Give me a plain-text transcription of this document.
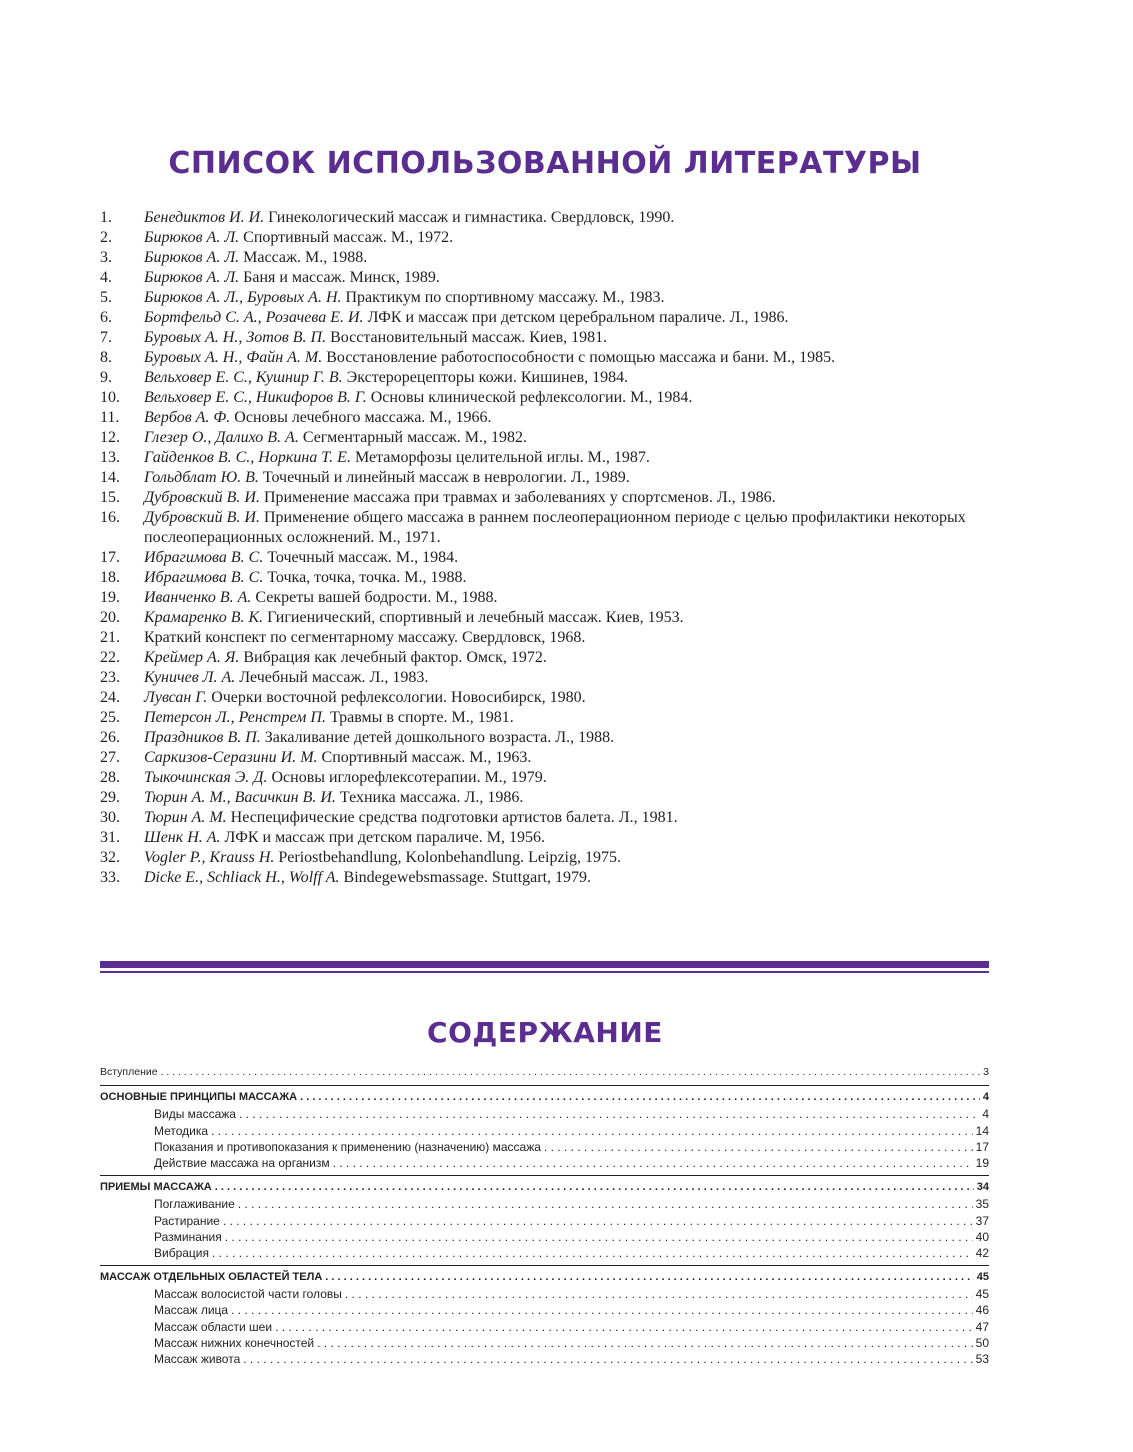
СПИСОК ИСПОЛЬЗОВАННОЙ ЛИТЕРАТУРЫ
1.	Бенедиктов И. И. Гинекологический массаж и гимнастика. Свердловск, 1990.
2.	Бирюков А. Л. Спортивный массаж. М., 1972.
3.	Бирюков А. Л. Массаж. М., 1988.
4.	Бирюков А. Л. Баня и массаж. Минск, 1989.
5.	Бирюков А. Л., Буровых А. Н. Практикум по спортивному массажу. М., 1983.
6.	Бортфельд С. А., Розачева Е. И. ЛФК и массаж при детском церебральном параличе. Л., 1986.
7.	Буровых А. Н., Зотов В. П. Восстановительный массаж. Киев, 1981.
8.	Буровых А. Н., Файн А. М. Восстановление работоспособности с помощью массажа и бани. М., 1985.
9.	Вельховер Е. С., Кушнир Г. В. Экстерорецепторы кожи. Кишинев, 1984.
10.	Вельховер Е. С., Никифоров В. Г. Основы клинической рефлексологии. М., 1984.
11.	Вербов А. Ф. Основы лечебного массажа. М., 1966.
12.	Глезер О., Далихо В. А. Сегментарный массаж. М., 1982.
13.	Гайденков В. С., Норкина Т. Е. Метаморфозы целительной иглы. М., 1987.
14.	Гольдблат Ю. В. Точечный и линейный массаж в неврологии. Л., 1989.
15.	Дубровский В. И. Применение массажа при травмах и заболеваниях у спортсменов. Л., 1986.
16.	Дубровский В. И. Применение общего массажа в раннем послеоперационном периоде с целью профилактики некоторых послеоперационных осложнений. М., 1971.
17.	Ибрагимова В. С. Точечный массаж. М., 1984.
18.	Ибрагимова В. С. Точка, точка, точка. М., 1988.
19.	Иванченко В. А. Секреты вашей бодрости. М., 1988.
20.	Крамаренко В. К. Гигиенический, спортивный и лечебный массаж. Киев, 1953.
21.	Краткий конспект по сегментарному массажу. Свердловск, 1968.
22.	Креймер А. Я. Вибрация как лечебный фактор. Омск, 1972.
23.	Куничев Л. А. Лечебный массаж. Л., 1983.
24.	Лувсан Г. Очерки восточной рефлексологии. Новосибирск, 1980.
25.	Петерсон Л., Ренстрем П. Травмы в спорте. М., 1981.
26.	Праздников В. П. Закаливание детей дошкольного возраста. Л., 1988.
27.	Саркизов-Серазини И. М. Спортивный массаж. М., 1963.
28.	Тыкочинская Э. Д. Основы иглорефлексотерапии. М., 1979.
29.	Тюрин А. М., Васичкин В. И. Техника массажа. Л., 1986.
30.	Тюрин А. М. Неспецифические средства подготовки артистов балета. Л., 1981.
31.	Шенк Н. А. ЛФК и массаж при детском параличе. М, 1956.
32.	Vogler P., Krauss H. Periostbehandlung, Kolonbehandlung. Leipzig, 1975.
33.	Dicke E., Schliack H., Wolff A. Bindegewebsmassage. Stuttgart, 1979.
СОДЕРЖАНИЕ
Вступление . . .	3
ОСНОВНЫЕ ПРИНЦИПЫ МАССАЖА . . .	4
Виды массажа . . .	4
Методика . . .	14
Показания и противопоказания к применению (назначению) массажа . . .	17
Действие массажа на организм . . .	19
ПРИЕМЫ МАССАЖА . . .	34
Поглаживание . . .	35
Растирание . . .	37
Разминания . . .	40
Вибрация . . .	42
МАССАЖ ОТДЕЛЬНЫХ ОБЛАСТЕЙ ТЕЛА . . .	45
Массаж волосистой части головы . . .	45
Массаж лица . . .	46
Массаж области шеи . . .	47
Массаж нижних конечностей . . .	50
Массаж живота . . .	53
